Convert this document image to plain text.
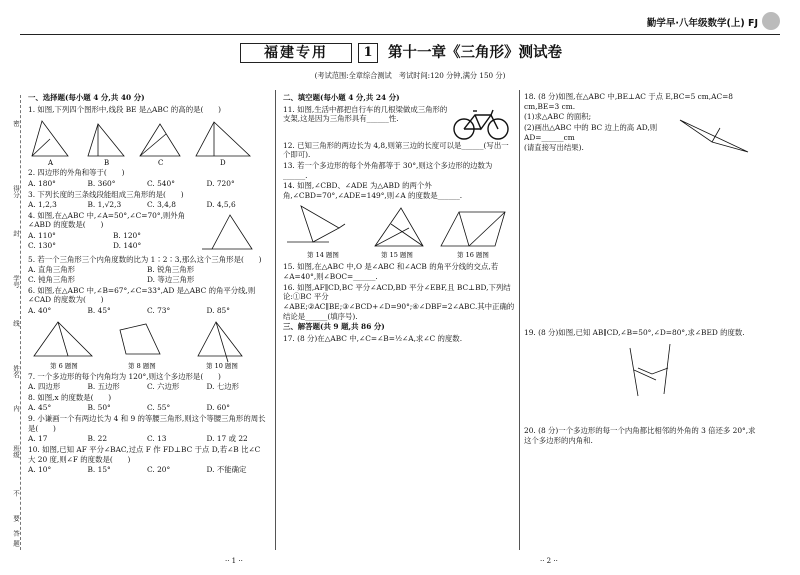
勤学早·八年级数学(上) FJ
福建专用	1	第十一章《三角形》测试卷
(考试范围:全章综合测试　考试时间:120 分钟,满分 150 分)
班级
姓名
学号
得分
密
封
线
内
不
要
答
题
一、选择题(每小题 4 分,共 40 分)
1. 如图,下列四个图形中,线段 BE 是△ABC 的高的是(　　)
A	B	C	D
2. 四边形的外角和等于(　　)
A. 180°	B. 360°	C. 540°	D. 720°
3. 下列长度的三条线段能组成三角形的是(　　)
A. 1,2,3	B. 1,√2,3	C. 3,4,8	D. 4,5,6
4. 如图,在△ABC 中,∠A=50°,∠C=70°,则外角∠ABD 的度数是(　　)
A. 110°	B. 120°
C. 130°	D. 140°
5. 若一个三角形三个内角度数的比为 1∶2∶3,那么这个三角形是(　　)
A. 直角三角形	B. 锐角三角形
C. 钝角三角形	D. 等边三角形
6. 如图,在△ABC 中,∠B=67°,∠C=33°,AD 是△ABC 的角平分线,则∠CAD 的度数为(　　)
A. 40°	B. 45°	C. 73°	D. 85°
第 6 题图	第 8 题图	第 10 题图
7. 一个多边形的每个内角均为 120°,则这个多边形是(　　)
A. 四边形	B. 五边形	C. 六边形	D. 七边形
8. 如图,x 的度数是(　　)
A. 45°	B. 50°	C. 55°	D. 60°
9. 小谦画一个有两边长为 4 和 9 的等腰三角形,则这个等腰三角形的周长是(　　)
A. 17	B. 22	C. 13	D. 17 或 22
10. 如图,已知 AF 平分∠BAC,过点 F 作 FD⊥BC 于点 D,若∠B 比∠C 大 20 度,则∠F 的度数是(　　)
A. 10°	B. 15°	C. 20°	D. 不能确定
二、填空题(每小题 4 分,共 24 分)
11. 如图,生活中都把自行车的几根梁做成三角形的支架,这是因为三角形具有______性.
12. 已知三角形的两边长为 4,8,则第三边的长度可以是______(写出一个即可).
13. 若一个多边形的每个外角都等于 30°,则这个多边形的边数为______.
14. 如图,∠CBD、∠ADE 为△ABD 的两个外角,∠CBD=70°,∠ADE=149°,则∠A 的度数是______.
第 14 题图	第 15 题图	第 16 题图
15. 如图,在△ABC 中,O 是∠ABC 和∠ACB 的角平分线的交点,若∠A=40°,则∠BOC=______.
16. 如图,AF∥CD,BC 平分∠ACD,BD 平分∠EBF,且 BC⊥BD,下列结论:①BC 平分∠ABE;②AC∥BE;③∠BCD+∠D=90°;④∠DBF=2∠ABC.其中正确的结论是______(填序号).
三、解答题(共 9 题,共 86 分)
17. (8 分)在△ABC 中,∠C=∠B=½∠A,求∠C 的度数.
18. (8 分)如图,在△ABC 中,BE⊥AC 于点 E,BC=5 cm,AC=8 cm,BE=3 cm.
(1)求△ABC 的面积;
(2)画出△ABC 中的 BC 边上的高 AD,则 AD=______cm
(请直接写出结果).
19. (8 分)如图,已知 AB∥CD,∠B=50°,∠D=80°,求∠BED 的度数.
20. (8 分)一个多边形的每一个内角都比相邻的外角的 3 倍还多 20°,求这个多边形的内角和.
·· 1 ··	·· 2 ··
